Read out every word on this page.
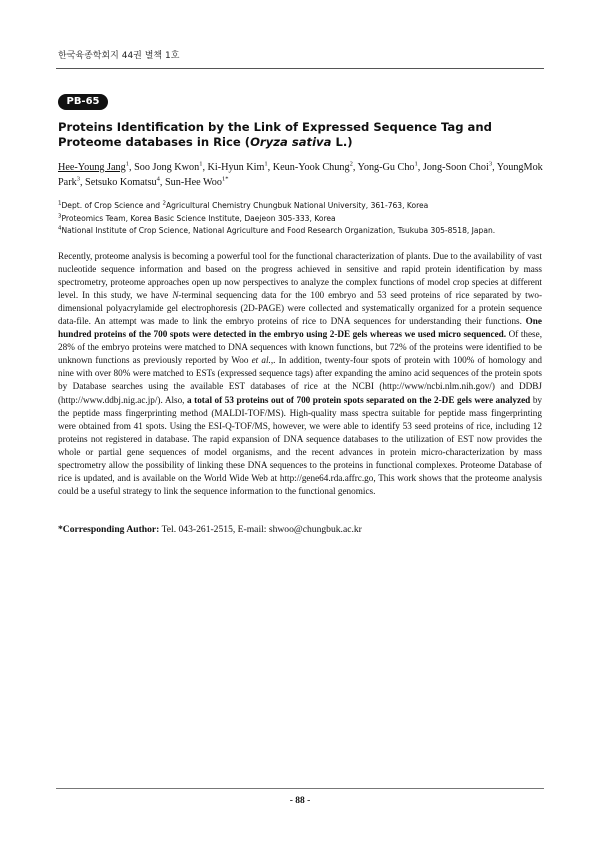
한국육종학회지 44권 별책 1호
PB-65
Proteins Identification by the Link of Expressed Sequence Tag and Proteome databases in Rice (Oryza sativa L.)
Hee-Young Jang$^1$, Soo Jong Kwon$^1$, Ki-Hyun Kim$^1$, Keun-Yook Chung$^2$, Yong-Gu Cho$^1$, Jong-Soon Choi$^3$, YoungMok Park$^3$, Setsuko Komatsu$^4$, Sun-Hee Woo$^{1*}$
$^1$Dept. of Crop Science and $^2$Agricultural Chemistry Chungbuk National University, 361-763, Korea
$^3$Proteomics Team, Korea Basic Science Institute, Daejeon 305-333, Korea
$^4$National Institute of Crop Science, National Agriculture and Food Research Organization, Tsukuba 305-8518, Japan.

Recently, proteome analysis is becoming a powerful tool for the functional characterization of plants. Due to the availability of vast nucleotide sequence information and based on the progress achieved in sensitive and rapid protein identification by mass spectrometry, proteome approaches open up now perspectives to analyze the complex functions of model crop species at different level. In this study, we have N-terminal sequencing data for the 100 embryo and 53 seed proteins of rice separated by two-dimensional polyacrylamide gel electrophoresis (2D-PAGE) were collected and systematically organized for a protein sequence data-file. An attempt was made to link the embryo proteins of rice to DNA sequences for understanding their functions. One hundred proteins of the 700 spots were detected in the embryo using 2-DE gels whereas we used micro sequenced. Of these, 28% of the embryo proteins were matched to DNA sequences with known functions, but 72% of the proteins were identified to be unknown functions as previously reported by Woo et al.,. In addition, twenty-four spots of protein with 100% of homology and nine with over 80% were matched to ESTs (expressed sequence tags) after expanding the amino acid sequences of the protein spots by Database searches using the available EST databases of rice at the NCBI (http://www/ncbi.nlm.nih.gov/) and DDBJ (http://www.ddbj.nig.ac.jp/). Also, a total of 53 proteins out of 700 protein spots separated on the 2-DE gels were analyzed by the peptide mass fingerprinting method (MALDI-TOF/MS). High-quality mass spectra suitable for peptide mass fingerprinting were obtained from 41 spots. Using the ESI-Q-TOF/MS, however, we were able to identify 53 seed proteins of rice, including 12 proteins not registered in database. The rapid expansion of DNA sequence databases to the utilization of EST now provides the whole or partial gene sequences of model organisms, and the recent advances in protein micro-characterization by mass spectrometry allow the possibility of linking these DNA sequences to the proteins in functional complexes. Proteome Database of rice is updated, and is available on the World Wide Web at http://gene64.rda.affrc.go, This work shows that the proteome analysis could be a useful strategy to link the sequence information to the functional genomics.

*Corresponding Author: Tel. 043-261-2515, E-mail: shwoo@chungbuk.ac.kr
- 88 -
